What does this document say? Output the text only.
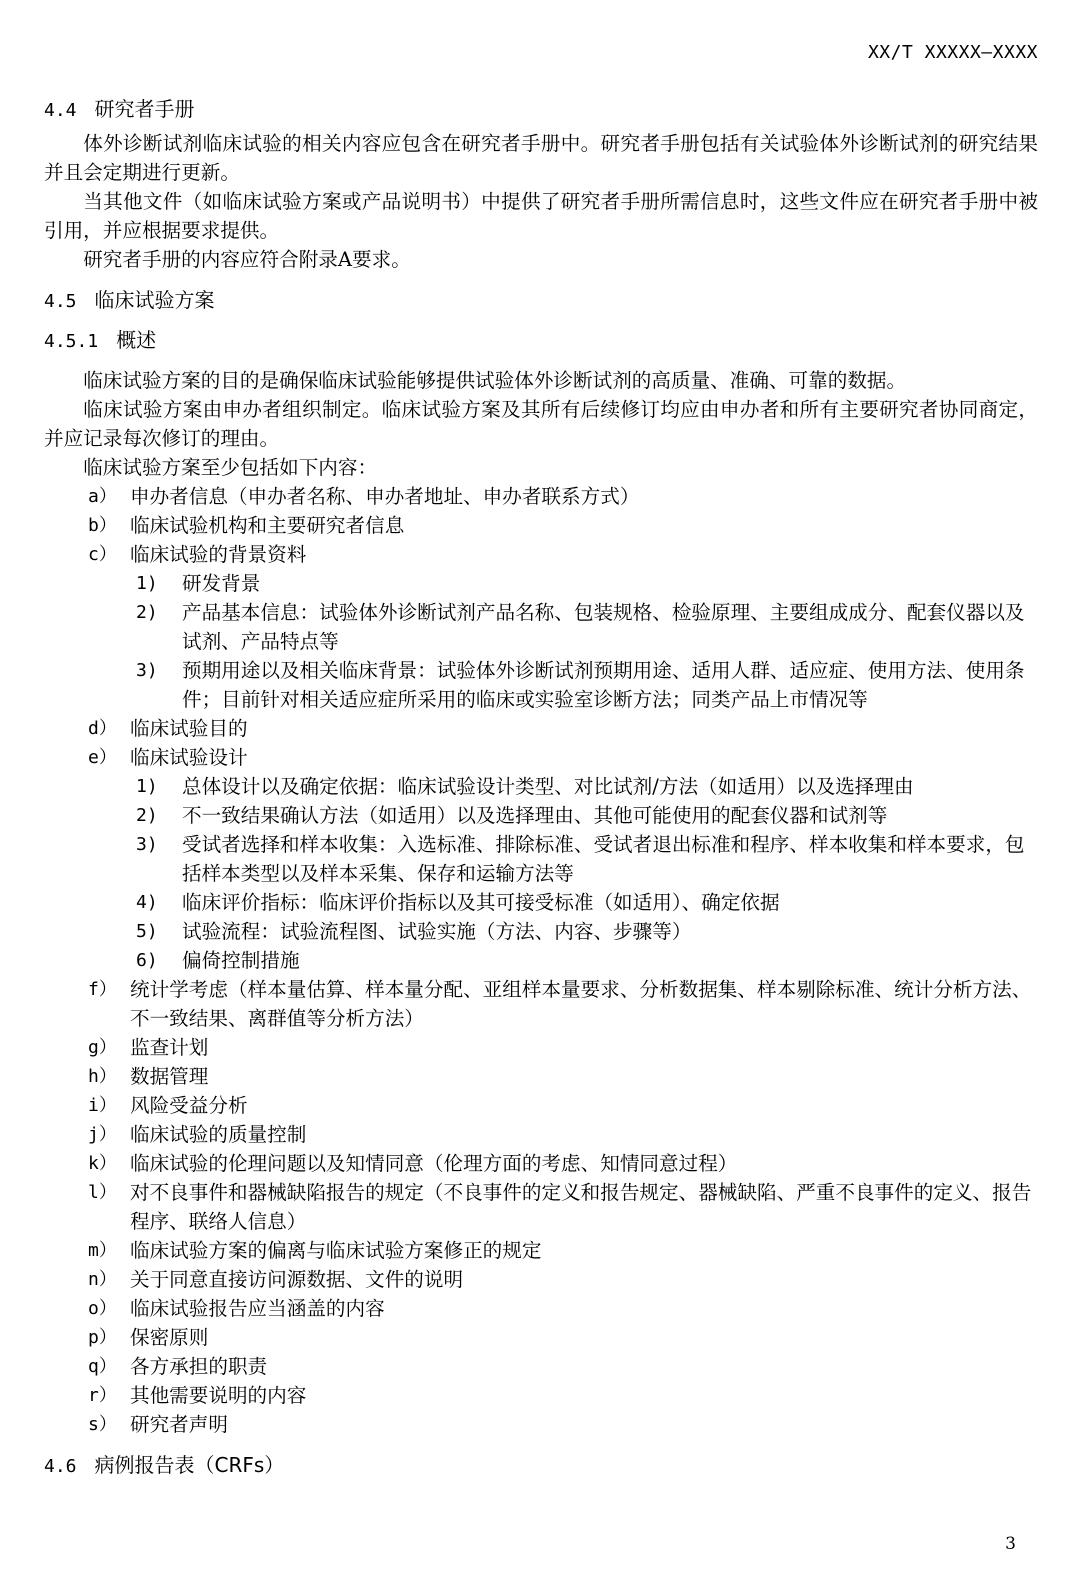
XX/T XXXXX—XXXX
4.4 研究者手册

体外诊断试剂临床试验的相关内容应包含在研究者手册中。研究者手册包括有关试验体外诊断试剂的研究结果并且会定期进行更新。

当其他文件（如临床试验方案或产品说明书）中提供了研究者手册所需信息时，这些文件应在研究者手册中被引用，并应根据要求提供。

研究者手册的内容应符合附录A要求。

4.5 临床试验方案
4.5.1 概述

临床试验方案的目的是确保临床试验能够提供试验体外诊断试剂的高质量、准确、可靠的数据。

临床试验方案由申办者组织制定。临床试验方案及其所有后续修订均应由申办者和所有主要研究者协同商定，并应记录每次修订的理由。

临床试验方案至少包括如下内容：

a） 申办者信息（申办者名称、申办者地址、申办者联系方式）
b） 临床试验机构和主要研究者信息
c） 临床试验的背景资料
1)	研发背景
2)	产品基本信息：试验体外诊断试剂产品名称、包装规格、检验原理、主要组成成分、配套仪器以及试剂、产品特点等
3)	预期用途以及相关临床背景：试验体外诊断试剂预期用途、适用人群、适应症、使用方法、使用条件；目前针对相关适应症所采用的临床或实验室诊断方法；同类产品上市情况等
d） 临床试验目的
e） 临床试验设计
1)	总体设计以及确定依据：临床试验设计类型、对比试剂/方法（如适用）以及选择理由
2)	不一致结果确认方法（如适用）以及选择理由、其他可能使用的配套仪器和试剂等
3)	受试者选择和样本收集：入选标准、排除标准、受试者退出标准和程序、样本收集和样本要求，包括样本类型以及样本采集、保存和运输方法等
4)	临床评价指标：临床评价指标以及其可接受标准（如适用）、确定依据
5)	试验流程：试验流程图、试验实施（方法、内容、步骤等）
6)	偏倚控制措施
f） 统计学考虑（样本量估算、样本量分配、亚组样本量要求、分析数据集、样本剔除标准、统计分析方法、不一致结果、离群值等分析方法）
g） 监查计划
h） 数据管理
i） 风险受益分析
j） 临床试验的质量控制
k） 临床试验的伦理问题以及知情同意（伦理方面的考虑、知情同意过程）
l） 对不良事件和器械缺陷报告的规定（不良事件的定义和报告规定、器械缺陷、严重不良事件的定义、报告程序、联络人信息）
m） 临床试验方案的偏离与临床试验方案修正的规定
n） 关于同意直接访问源数据、文件的说明
o） 临床试验报告应当涵盖的内容
p） 保密原则
q） 各方承担的职责
r） 其他需要说明的内容
s） 研究者声明
4.6 病例报告表（CRFs）
3
